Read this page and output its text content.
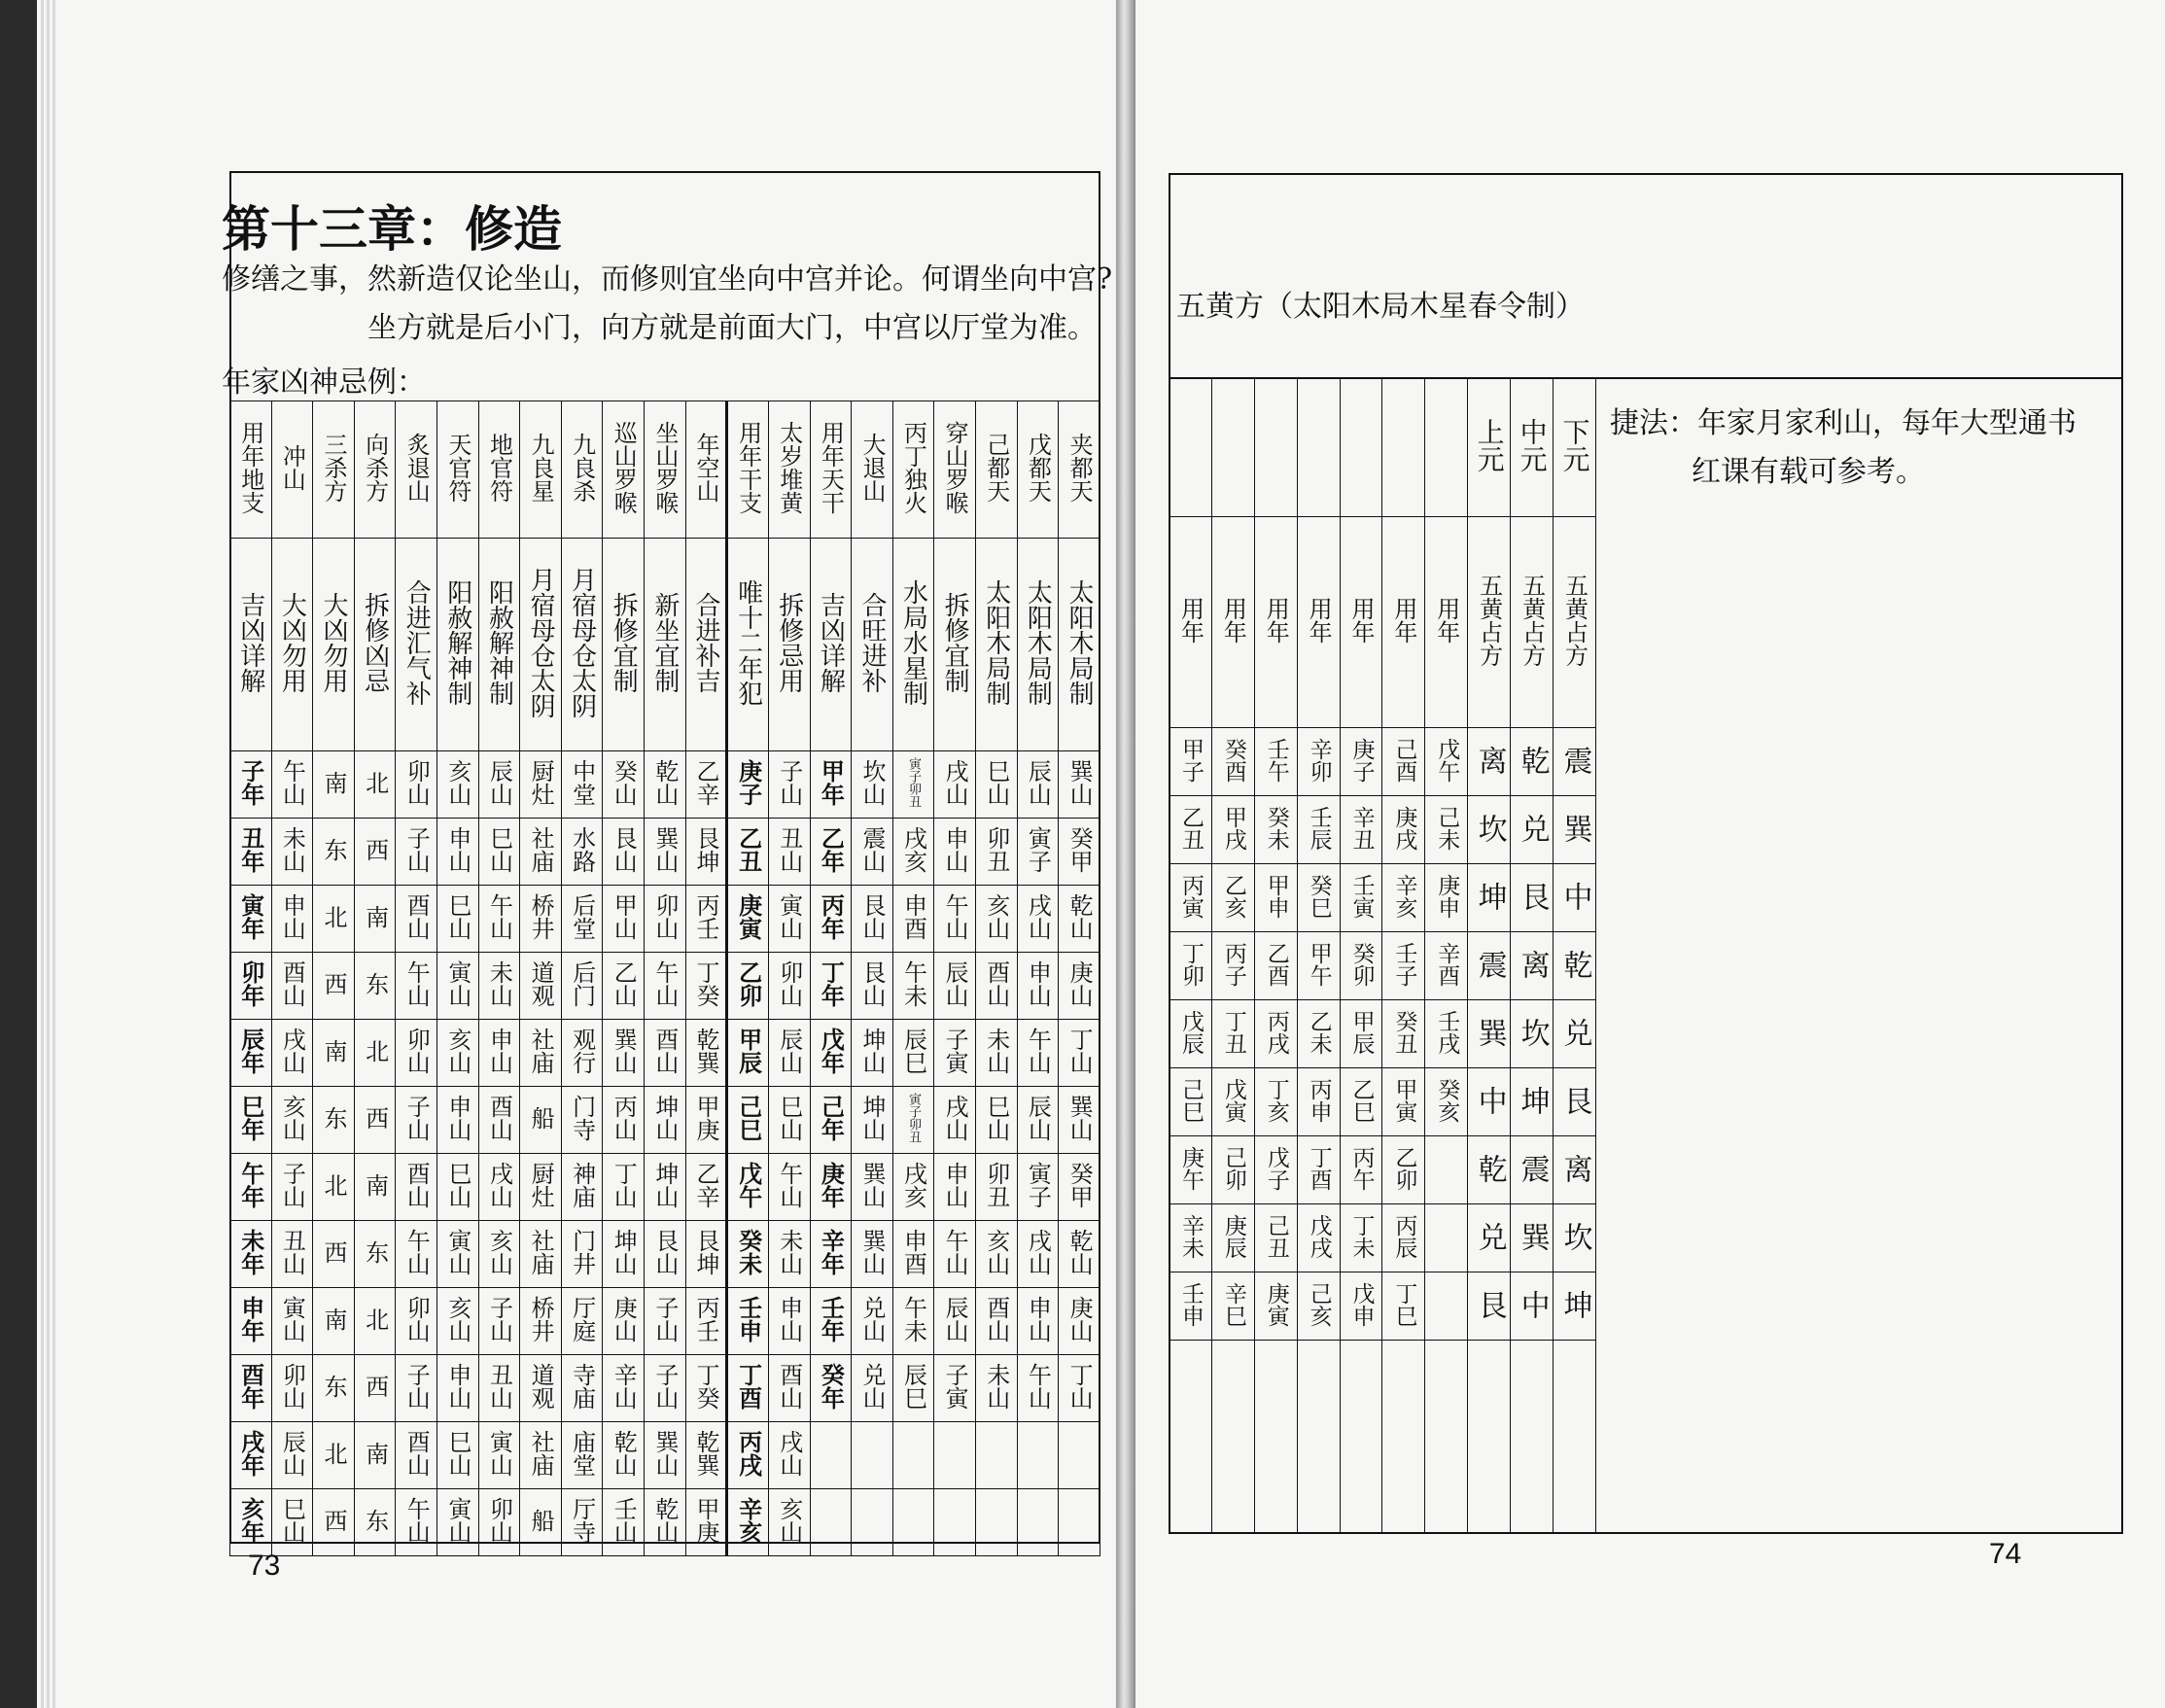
第十三章：修造
修缮之事，然新造仅论坐山，而修则宜坐向中宫并论。何谓坐向中宫?
坐方就是后小门，向方就是前面大门，中宫以厅堂为准。
年家凶神忌例：
用年地支	冲山	三杀方	向杀方	炙退山	天官符	地官符	九良星	九良杀	巡山罗喉	坐山罗喉	年空山	用年干支	太岁堆黄	用年天干	大退山	丙丁独火	穿山罗喉	己都天	戊都天	夹都天
吉凶详解	大凶勿用	大凶勿用	拆修凶忌	合进汇气补	阳赦解神制	阳赦解神制	月宿母仓太阴	月宿母仓太阴	拆修宜制	新坐宜制	合进补吉	唯十二年犯	拆修忌用	吉凶详解	合旺进补	水局水星制	拆修宜制	太阳木局制	太阳木局制	太阳木局制
子年	午山	南	北	卯山	亥山	辰山	厨灶	中堂	癸山	乾山	乙辛	庚子	子山	甲年	坎山	寅子卯丑	戌山	巳山	辰山	巽山
丑年	未山	东	西	子山	申山	巳山	社庙	水路	艮山	巽山	艮坤	乙丑	丑山	乙年	震山	戌亥	申山	卯丑	寅子	癸甲
寅年	申山	北	南	酉山	巳山	午山	桥井	后堂	甲山	卯山	丙壬	庚寅	寅山	丙年	艮山	申酉	午山	亥山	戌山	乾山
卯年	酉山	西	东	午山	寅山	未山	道观	后门	乙山	午山	丁癸	乙卯	卯山	丁年	艮山	午未	辰山	酉山	申山	庚山
辰年	戌山	南	北	卯山	亥山	申山	社庙	观行	巽山	酉山	乾巽	甲辰	辰山	戊年	坤山	辰巳	子寅	未山	午山	丁山
巳年	亥山	东	西	子山	申山	酉山	船	门寺	丙山	坤山	甲庚	己巳	巳山	己年	坤山	寅子卯丑	戌山	巳山	辰山	巽山
午年	子山	北	南	酉山	巳山	戌山	厨灶	神庙	丁山	坤山	乙辛	戊午	午山	庚年	巽山	戌亥	申山	卯丑	寅子	癸甲
未年	丑山	西	东	午山	寅山	亥山	社庙	门井	坤山	艮山	艮坤	癸未	未山	辛年	巽山	申酉	午山	亥山	戌山	乾山
申年	寅山	南	北	卯山	亥山	子山	桥井	厅庭	庚山	子山	丙壬	壬申	申山	壬年	兑山	午未	辰山	酉山	申山	庚山
酉年	卯山	东	西	子山	申山	丑山	道观	寺庙	辛山	子山	丁癸	丁酉	酉山	癸年	兑山	辰巳	子寅	未山	午山	丁山
戌年	辰山	北	南	酉山	巳山	寅山	社庙	庙堂	乾山	巽山	乾巽	丙戌	戌山							
亥年	巳山	西	东	午山	寅山	卯山	船	厅寺	壬山	乾山	甲庚	辛亥	亥山							
73
五黄方（太阳木局木星春令制）
							上元	中元	下元
用年	用年	用年	用年	用年	用年	用年	五黄占方	五黄占方	五黄占方
甲子	癸酉	壬午	辛卯	庚子	己酉	戊午	离	乾	震
乙丑	甲戌	癸未	壬辰	辛丑	庚戌	己未	坎	兑	巽
丙寅	乙亥	甲申	癸巳	壬寅	辛亥	庚申	坤	艮	中
丁卯	丙子	乙酉	甲午	癸卯	壬子	辛酉	震	离	乾
戊辰	丁丑	丙戌	乙未	甲辰	癸丑	壬戌	巽	坎	兑
己巳	戊寅	丁亥	丙申	乙巳	甲寅	癸亥	中	坤	艮
庚午	己卯	戊子	丁酉	丙午	乙卯		乾	震	离
辛未	庚辰	己丑	戊戌	丁未	丙辰		兑	巽	坎
壬申	辛巳	庚寅	己亥	戊申	丁巳		艮	中	坤

捷法：年家月家利山，每年大型通书
红课有载可参考。
74
